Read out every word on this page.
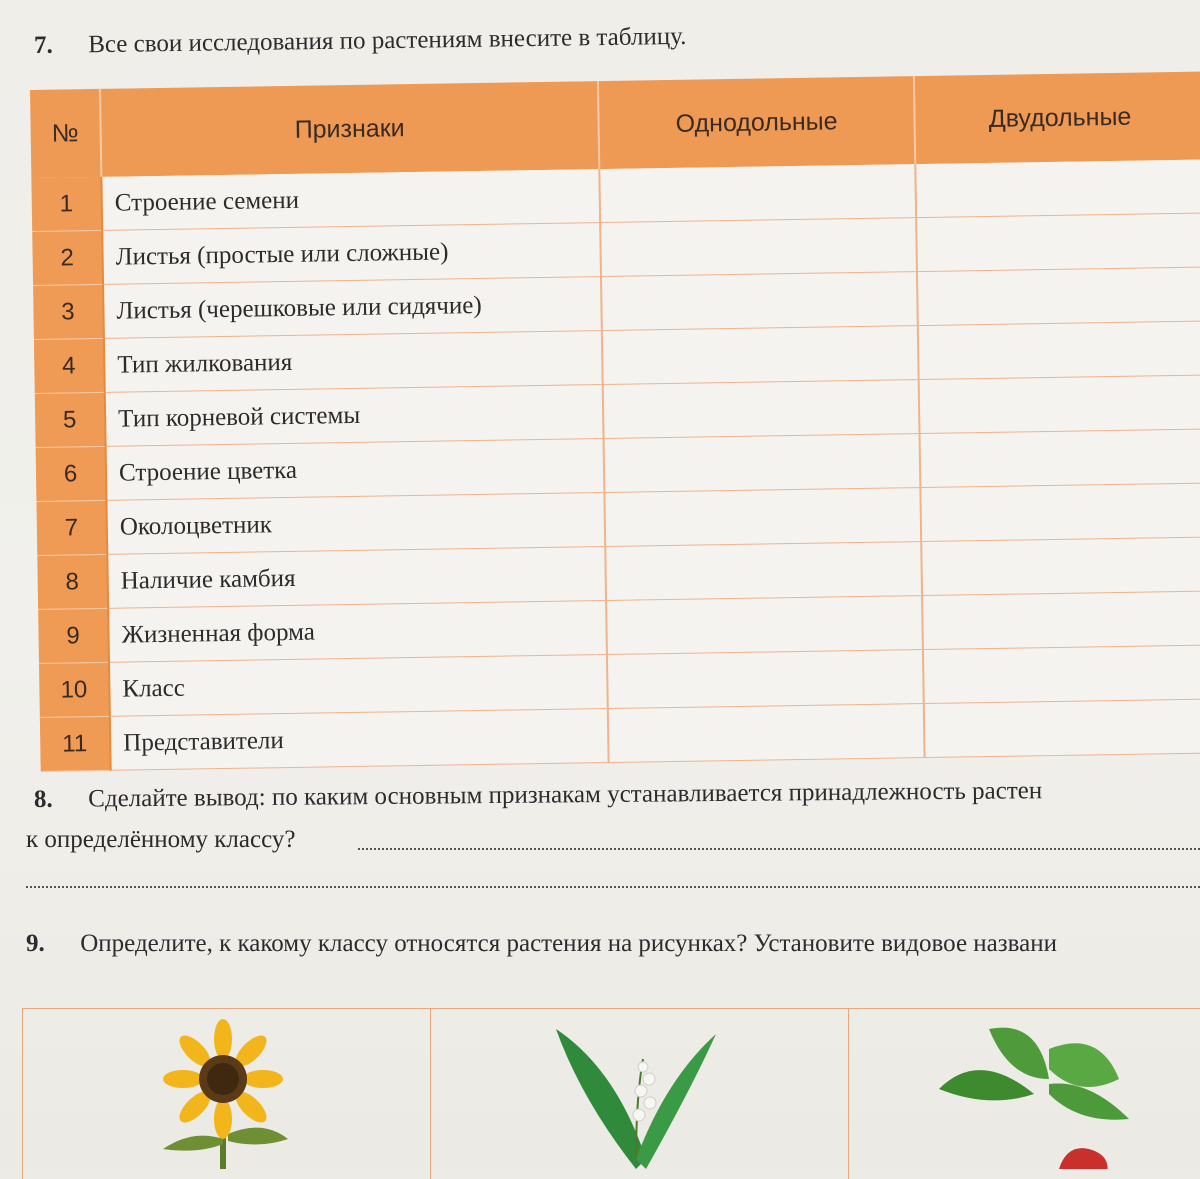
7. Все свои исследования по растениям внесите в таблицу.
№	Признаки	Однодольные	Двудольные
1	Строение семени		
2	Листья (простые или сложные)		
3	Листья (черешковые или сидячие)		
4	Тип жилкования		
5	Тип корневой системы		
6	Строение цветка		
7	Околоцветник		
8	Наличие камбия		
9	Жизненная форма		
10	Класс		
11	Представители		
8. Сделайте вывод: по каким основным признакам устанавливается принадлежность растен
к определённому классу?
9. Определите, к какому классу относятся растения на рисунках? Установите видовое названи
